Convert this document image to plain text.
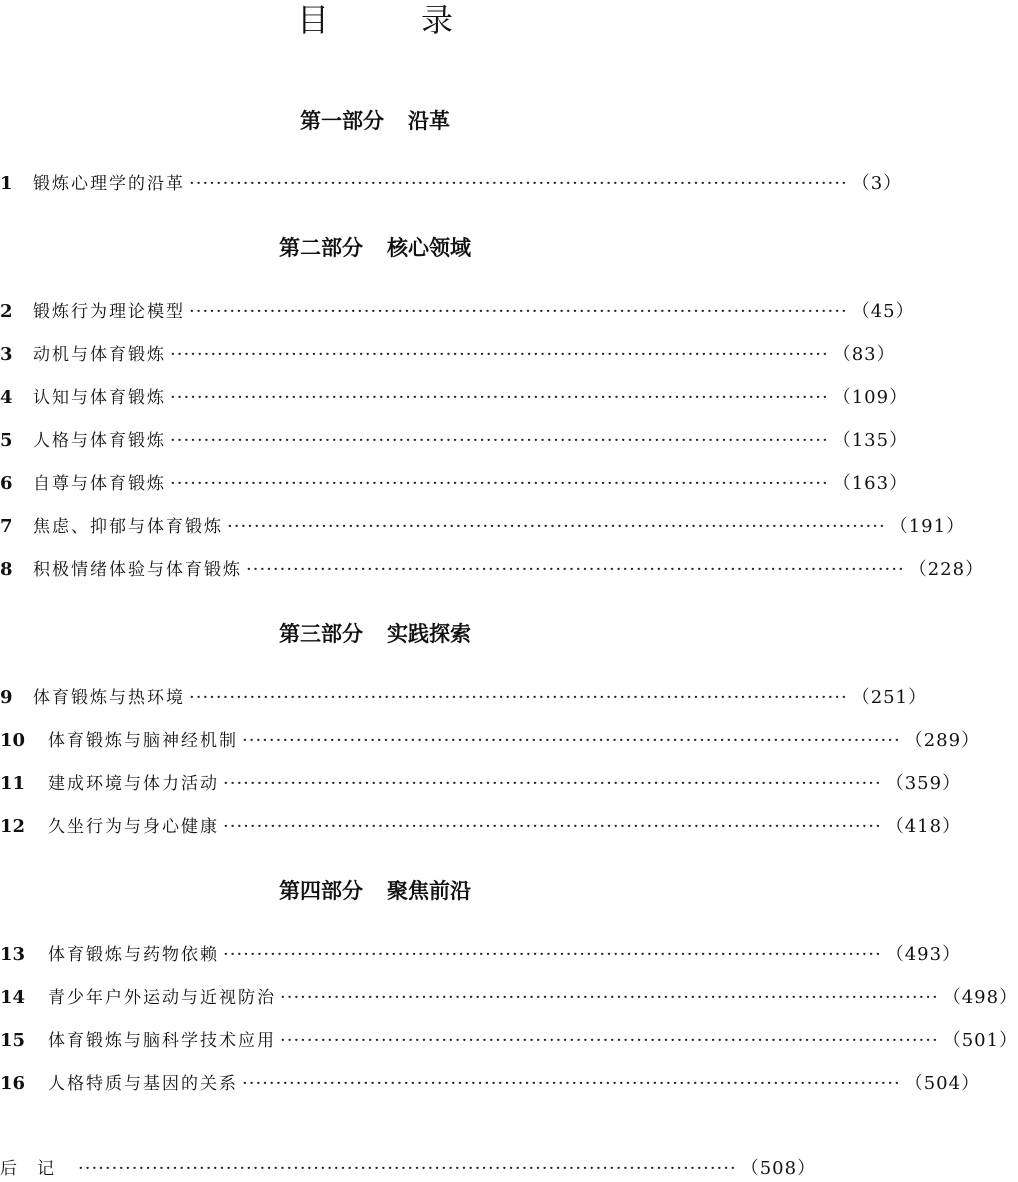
目　录
第一部分 沿革
1	锻炼心理学的沿革 ·································································································· （3）
第二部分 核心领域
2	锻炼行为理论模型 ·································································································· （45）
3	动机与体育锻炼 ·································································································· （83）
4	认知与体育锻炼 ·································································································· （109）
5	人格与体育锻炼 ·································································································· （135）
6	自尊与体育锻炼 ·································································································· （163）
7	焦虑、抑郁与体育锻炼 ·································································································· （191）
8	积极情绪体验与体育锻炼 ·································································································· （228）
第三部分 实践探索
9	体育锻炼与热环境 ·································································································· （251）
10	体育锻炼与脑神经机制 ·································································································· （289）
11	建成环境与体力活动 ·································································································· （359）
12	久坐行为与身心健康 ·································································································· （418）
第四部分 聚焦前沿
13	体育锻炼与药物依赖 ·································································································· （493）
14	青少年户外运动与近视防治 ·································································································· （498）
15	体育锻炼与脑科学技术应用 ·································································································· （501）
16	人格特质与基因的关系 ·································································································· （504）
后记 ·································································································· （508）
